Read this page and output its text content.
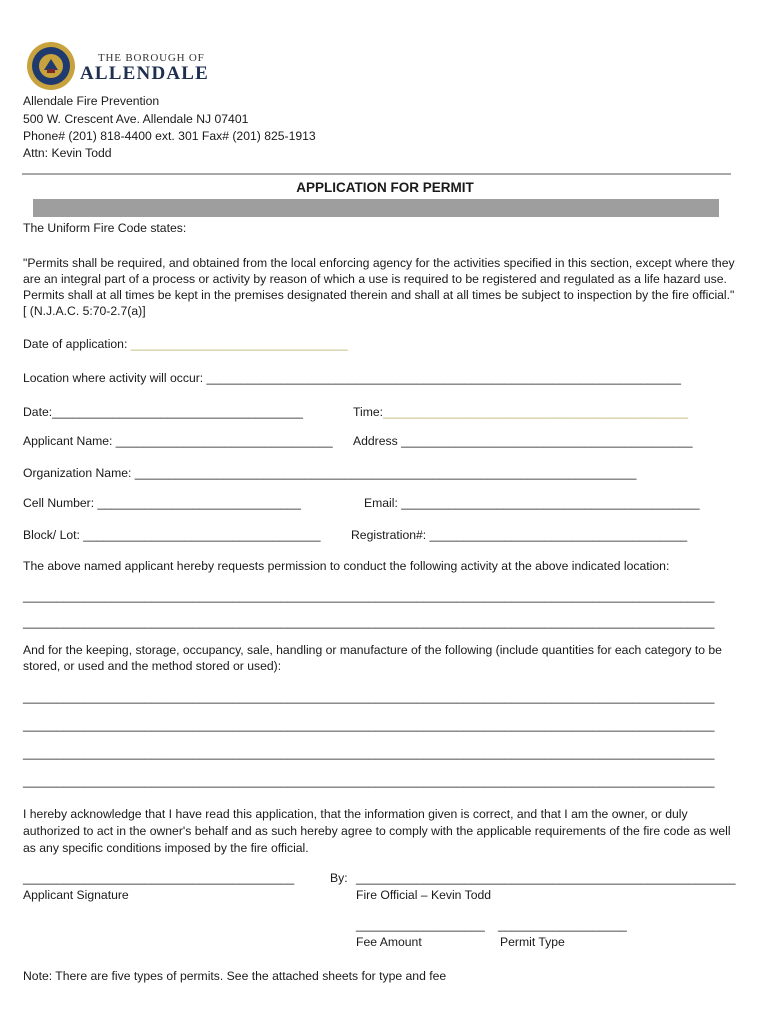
THE BOROUGH OF
ALLENDALE
Allendale Fire Prevention
500 W. Crescent Ave. Allendale NJ 07401
Phone# (201) 818-4400 ext. 301 Fax# (201) 825-1913
Attn: Kevin Todd
APPLICATION FOR PERMIT
The Uniform Fire Code states:
"Permits shall be required, and obtained from the local enforcing agency for the activities specified in this section, except where they are an integral part of a process or activity by reason of which a use is required to be registered and regulated as a life hazard use. Permits shall at all times be kept in the premises designated therein and shall at all times be subject to inspection by the fire official." [ (N.J.A.C. 5:70-2.7(a)]
Date of application: ________________________________
Location where activity will occur: ______________________________________________________________________
Date:_____________________________________	Time:_____________________________________________
Applicant Name: ________________________________ Address ___________________________________________
Organization Name: __________________________________________________________________________
Cell Number: ______________________________	Email: ____________________________________________
Block/ Lot: ___________________________________ Registration#: ______________________________________
The above named applicant hereby requests permission to conduct the following activity at the above indicated location:
______________________________________________________________________________________________________
______________________________________________________________________________________________________
And for the keeping, storage, occupancy, sale, handling or manufacture of the following (include quantities for each category to be stored, or used and the method stored or used):
______________________________________________________________________________________________________
______________________________________________________________________________________________________
______________________________________________________________________________________________________
______________________________________________________________________________________________________
I hereby acknowledge that I have read this application, that the information given is correct, and that I am the owner, or duly authorized to act in the owner's behalf and as such hereby agree to comply with the applicable requirements of the fire code as well as any specific conditions imposed by the fire official.
________________________________________
Applicant Signature
By: ________________________________________________________
Fire Official – Kevin Todd
___________________ ___________________
Fee Amount	Permit Type
Note: There are five types of permits. See the attached sheets for type and fee
